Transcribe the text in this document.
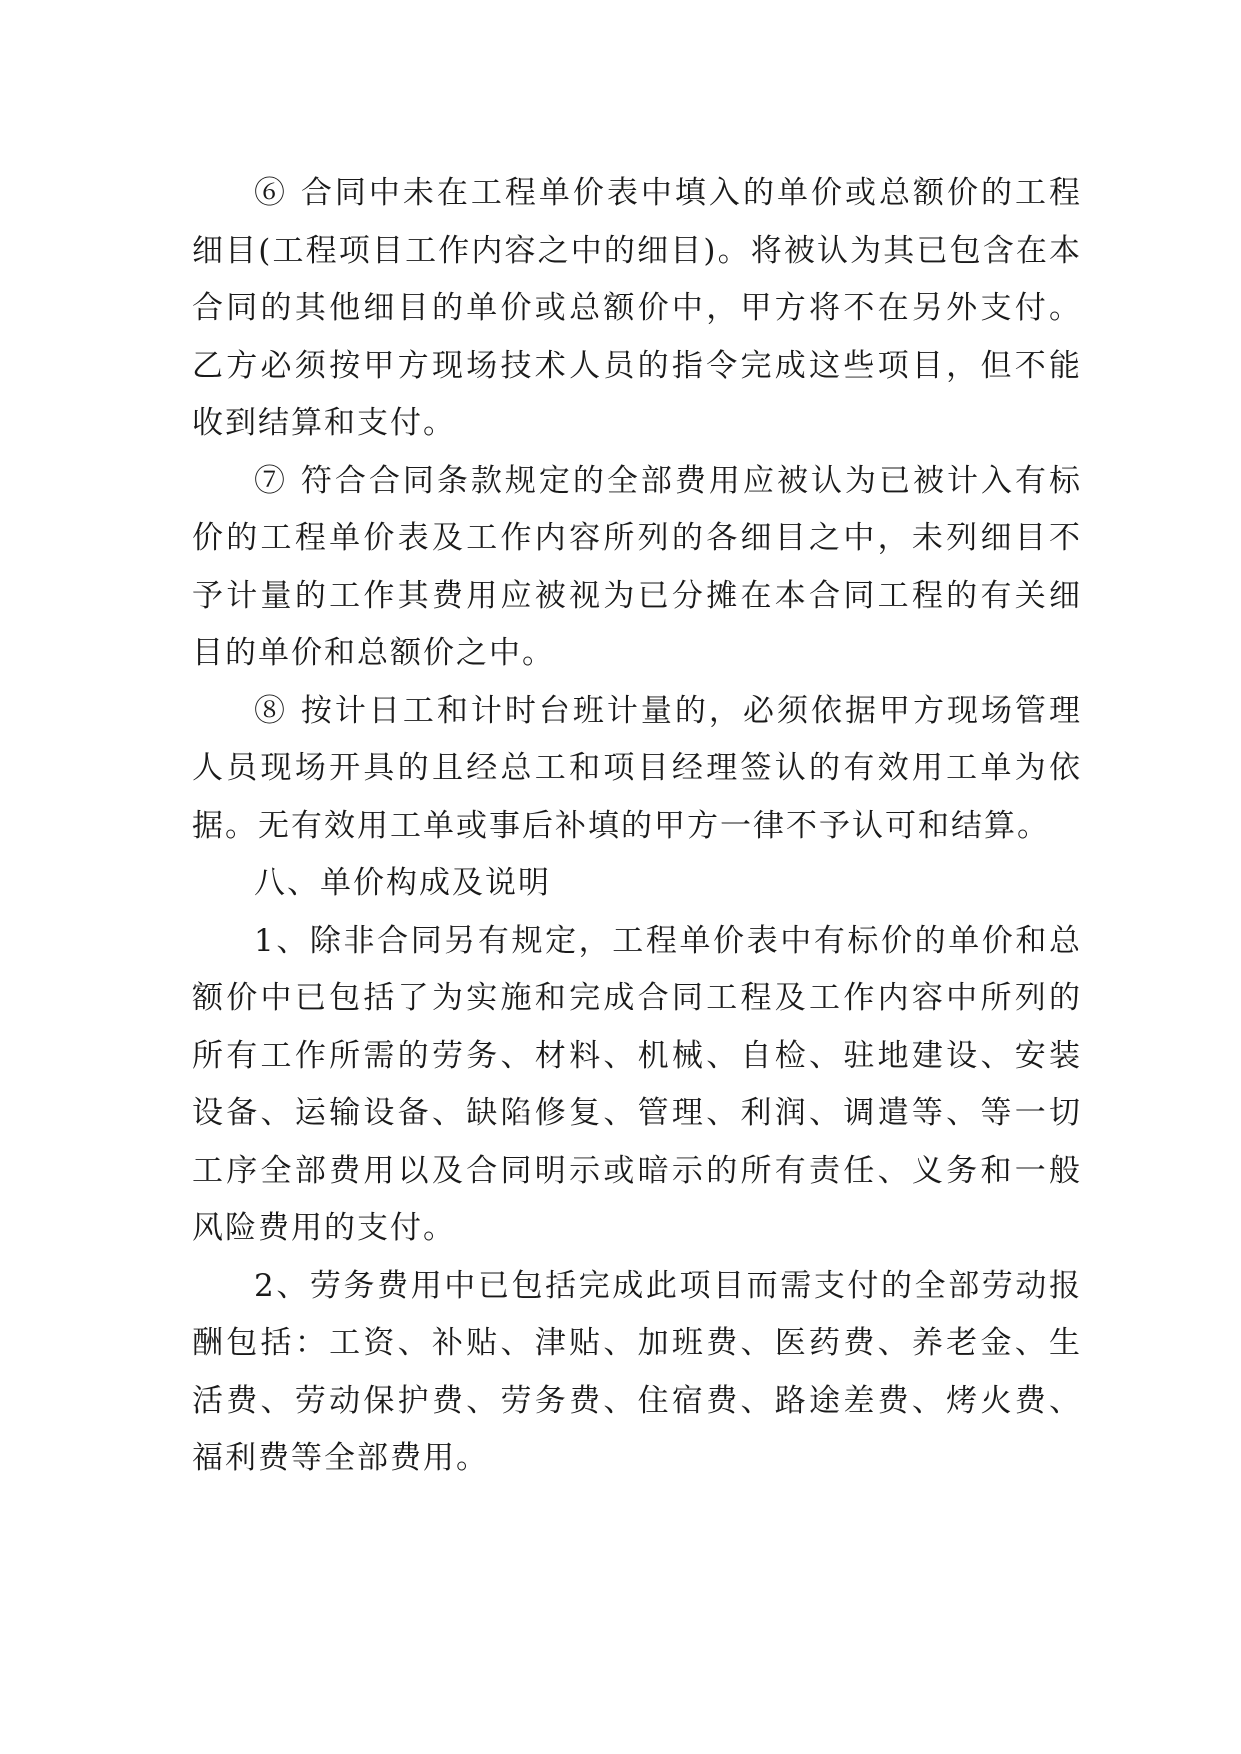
⑥ 合同中未在工程单价表中填入的单价或总额价的工程细目(工程项目工作内容之中的细目)。将被认为其已包含在本合同的其他细目的单价或总额价中，甲方将不在另外支付。乙方必须按甲方现场技术人员的指令完成这些项目，但不能收到结算和支付。

⑦ 符合合同条款规定的全部费用应被认为已被计入有标价的工程单价表及工作内容所列的各细目之中，未列细目不予计量的工作其费用应被视为已分摊在本合同工程的有关细目的单价和总额价之中。

⑧ 按计日工和计时台班计量的，必须依据甲方现场管理人员现场开具的且经总工和项目经理签认的有效用工单为依据。无有效用工单或事后补填的甲方一律不予认可和结算。

八、单价构成及说明

1、除非合同另有规定，工程单价表中有标价的单价和总额价中已包括了为实施和完成合同工程及工作内容中所列的所有工作所需的劳务、材料、机械、自检、驻地建设、安装设备、运输设备、缺陷修复、管理、利润、调遣等、等一切工序全部费用以及合同明示或暗示的所有责任、义务和一般风险费用的支付。

2、劳务费用中已包括完成此项目而需支付的全部劳动报酬包括：工资、补贴、津贴、加班费、医药费、养老金、生活费、劳动保护费、劳务费、住宿费、路途差费、烤火费、福利费等全部费用。
